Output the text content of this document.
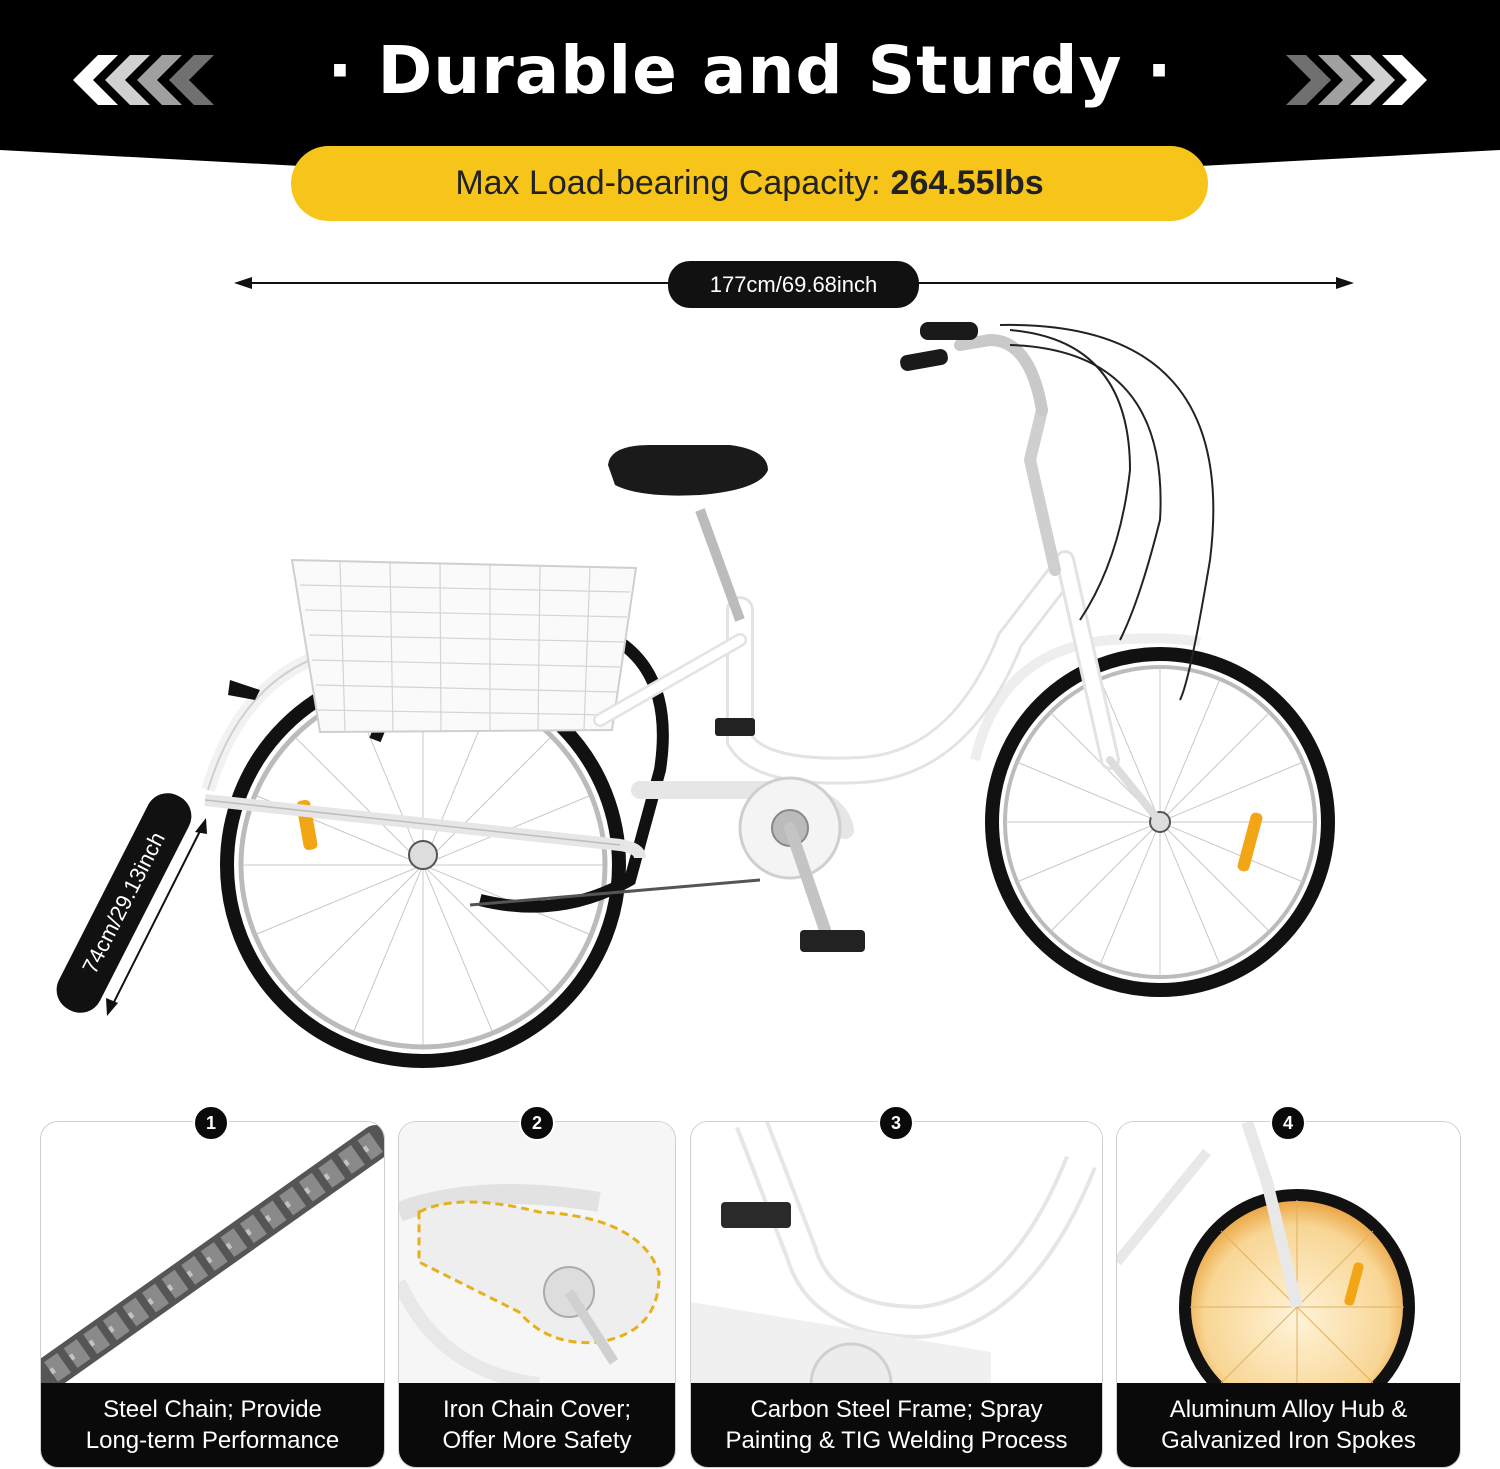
· Durable and Sturdy ·
Max Load-bearing Capacity: 264.55lbs
177cm/69.68inch
74cm/29.13inch
Steel Chain; Provide
Long-term Performance
Iron Chain Cover;
Offer More Safety
Carbon Steel Frame; Spray
Painting & TIG Welding Process
Aluminum Alloy Hub &
Galvanized Iron Spokes
1	2	3	4
